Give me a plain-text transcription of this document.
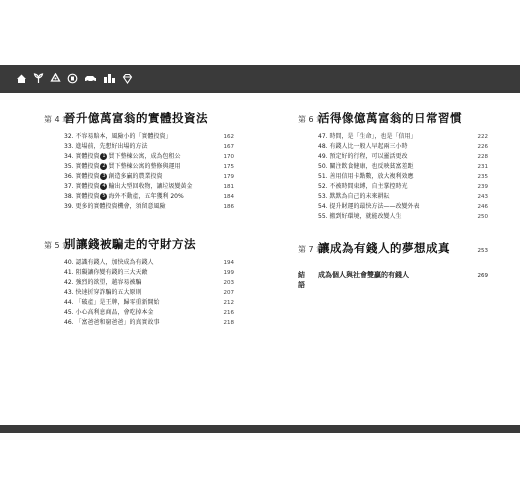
第 4 章
晉升億萬富翁的實體投資法
32. 不容易賠本，風險小的「實體投資」	162
33. 進場前，先想好出場的方法	167
34. 實體投資 1 買下整棟公寓，成為包租公	170
35. 實體投資 2 買下整棟公寓的整修與運用	175
36. 實體投資 3 創造多贏的農業投資	179
37. 實體投資 4 輸出大型回收物，讓垃圾變黃金	181
38. 實體投資 5 海外不動產，五年獲利 20%	184
39. 更多的實體投資機會，須留意風險	186
第 5 章
別讓錢被騙走的守財方法
40. 認識有錢人，加快成為有錢人	194
41. 阻礙讓你變有錢的三大天敵	199
42. 強烈的欲望，越容易被騙	203
43. 快速折穿詐騙的五大原則	207
44. 「破產」是王牌，歸零重新開始	212
45. 小心高利息商品，會吃掉本金	216
46. 「富爸爸和窮爸爸」的真實故事	218
第 6 章
活得像億萬富翁的日常習慣
47. 時間，是「生命」，也是「信用」	222
48. 有錢人比一般人早起兩三小時	226
49. 預定好的行程，可以靈活更改	228
50. 關注飲食健康，也反映貧富差距	231
51. 善用信用卡點數，放大複利效應	235
52. 不被時間束縛，自主掌控時光	239
53. 默默為自己的未來耕耘	243
54. 提升財運的最快方法——改變外表	246
55. 搬到好環境，就能改變人生	250
第 7 章
讓成為有錢人的夢想成真	253
結　語
成為個人與社會雙贏的有錢人	269
